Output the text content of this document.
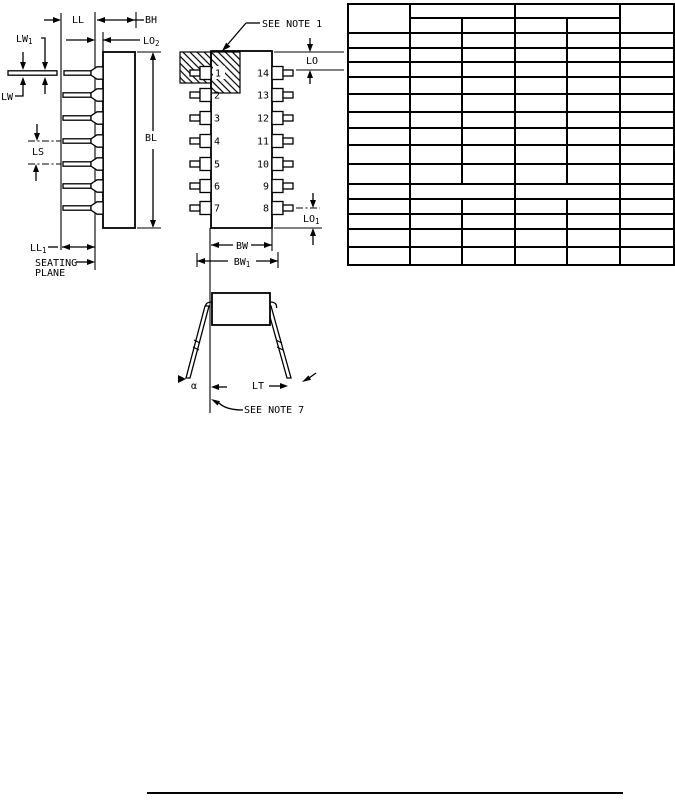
LL	BH
$LO_2$
$LW_1$
LW
LS
BL
$LL_1$
SEATING
PLANE
1
2
3
4
5
6
7
14
13
12
11
10
9
8
SEE NOTE 1
LO
$LO_1$
BW
$BW_1$
α	LT
SEE NOTE 7
